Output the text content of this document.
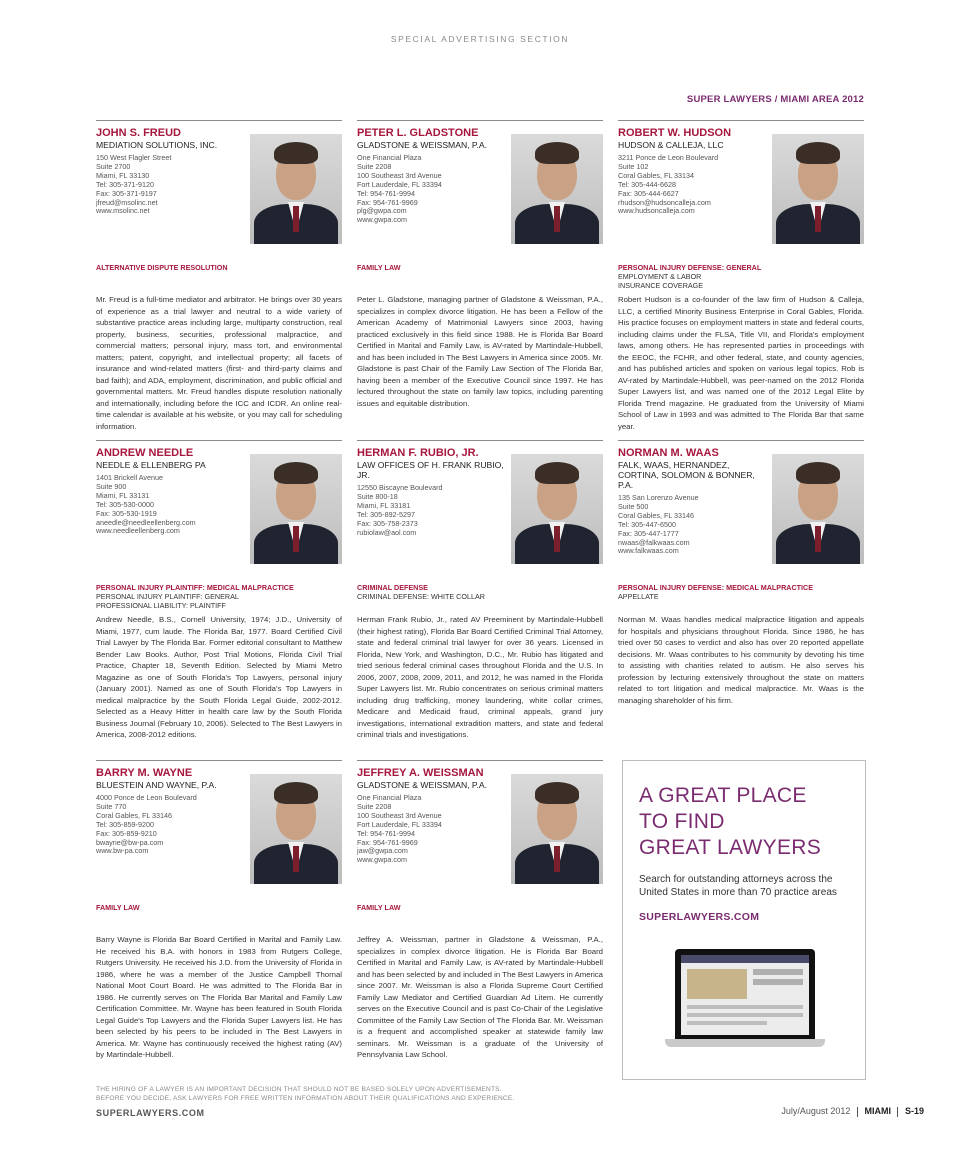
SPECIAL ADVERTISING SECTION
SUPER LAWYERS / MIAMI AREA 2012
JOHN S. FREUD
MEDIATION SOLUTIONS, INC.
150 West Flagler Street
Suite 2700
Miami, FL 33130
Tel: 305-371-9120
Fax: 305-371-9197
jfreud@msolinc.net
www.msolinc.net
ALTERNATIVE DISPUTE RESOLUTION
Mr. Freud is a full-time mediator and arbitrator. He brings over 30 years of experience as a trial lawyer and neutral to a wide variety of substantive practice areas including large, multiparty construction, real property, business, securities, professional malpractice, and commercial matters; personal injury, mass tort, and environmental matters; patent, copyright, and intellectual property; all facets of insurance and wind-related matters (first- and third-party claims and bad faith); and ADA, employment, discrimination, and public official and governmental matters. Mr. Freud handles dispute resolution nationally and internationally, including before the ICC and ICDR. An online real-time calendar is available at his website, or you may call for scheduling information.
PETER L. GLADSTONE
GLADSTONE & WEISSMAN, P.A.
One Financial Plaza
Suite 2208
100 Southeast 3rd Avenue
Fort Lauderdale, FL 33394
Tel: 954-761-9994
Fax: 954-761-9969
plg@gwpa.com
www.gwpa.com
FAMILY LAW
Peter L. Gladstone, managing partner of Gladstone & Weissman, P.A., specializes in complex divorce litigation. He has been a Fellow of the American Academy of Matrimonial Lawyers since 2003, having practiced exclusively in this field since 1988. He is Florida Bar Board Certified in Marital and Family Law, is AV-rated by Martindale-Hubbell, and has been included in The Best Lawyers in America since 2005. Mr. Gladstone is past Chair of the Family Law Section of The Florida Bar, having been a member of the Executive Council since 1997. He has lectured throughout the state on family law topics, including parenting issues and equitable distribution.
ROBERT W. HUDSON
HUDSON & CALLEJA, LLC
3211 Ponce de Leon Boulevard
Suite 102
Coral Gables, FL 33134
Tel: 305-444-6628
Fax: 305-444-6627
rhudson@hudsoncalleja.com
www.hudsoncalleja.com
PERSONAL INJURY DEFENSE: GENERAL
EMPLOYMENT & LABOR
INSURANCE COVERAGE
Robert Hudson is a co-founder of the law firm of Hudson & Calleja, LLC, a certified Minority Business Enterprise in Coral Gables, Florida. His practice focuses on employment matters in state and federal courts, including claims under the FLSA, Title VII, and Florida's employment laws, among others. He has represented parties in proceedings with the EEOC, the FCHR, and other federal, state, and county agencies, and has published articles and spoken on various legal topics. Rob is AV-rated by Martindale-Hubbell, was peer-named on the 2012 Florida Super Lawyers list, and was named one of the 2012 Legal Elite by Florida Trend magazine. He graduated from the University of Miami School of Law in 1993 and was admitted to The Florida Bar that same year.
ANDREW NEEDLE
NEEDLE & ELLENBERG PA
1401 Brickell Avenue
Suite 900
Miami, FL 33131
Tel: 305-530-0000
Fax: 305-530-1919
aneedle@needleellenberg.com
www.needleellenberg.com
PERSONAL INJURY PLAINTIFF: MEDICAL MALPRACTICE
PERSONAL INJURY PLAINTIFF: GENERAL
PROFESSIONAL LIABILITY: PLAINTIFF
Andrew Needle, B.S., Cornell University, 1974; J.D., University of Miami, 1977, cum laude. The Florida Bar, 1977. Board Certified Civil Trial Lawyer by The Florida Bar. Former editorial consultant to Matthew Bender Law Books. Author, Post Trial Motions, Florida Civil Trial Practice, Chapter 18, Seventh Edition. Selected by Miami Metro Magazine as one of South Florida's Top Lawyers, personal injury (January 2001). Named as one of South Florida's Top Lawyers in medical malpractice by the South Florida Legal Guide, 2002-2012. Selected as a Heavy Hitter in health care law by the South Florida Business Journal (February 10, 2006). Selected to The Best Lawyers in America, 2008-2012 editions.
HERMAN F. RUBIO, JR.
LAW OFFICES OF H. FRANK RUBIO, JR.
12550 Biscayne Boulevard
Suite 800-18
Miami, FL 33181
Tel: 305-892-5297
Fax: 305-758-2373
rubiolaw@aol.com
CRIMINAL DEFENSE
CRIMINAL DEFENSE: WHITE COLLAR
Herman Frank Rubio, Jr., rated AV Preeminent by Martindale-Hubbell (their highest rating), Florida Bar Board Certified Criminal Trial Attorney, state and federal criminal trial lawyer for over 36 years. Licensed in Florida, New York, and Washington, D.C., Mr. Rubio has litigated and tried serious federal criminal cases throughout Florida and the U.S. In 2006, 2007, 2008, 2009, 2011, and 2012, he was named in the Florida Super Lawyers list. Mr. Rubio concentrates on serious criminal matters including drug trafficking, money laundering, white collar crimes, Medicare and Medicaid fraud, criminal appeals, grand jury investigations, international extradition matters, and state and federal criminal trials and investigations.
NORMAN M. WAAS
FALK, WAAS, HERNANDEZ, CORTINA, SOLOMON & BONNER, P.A.
135 San Lorenzo Avenue
Suite 500
Coral Gables, FL 33146
Tel: 305-447-6500
Fax: 305-447-1777
nwaas@falkwaas.com
www.falkwaas.com
PERSONAL INJURY DEFENSE: MEDICAL MALPRACTICE
APPELLATE
Norman M. Waas handles medical malpractice litigation and appeals for hospitals and physicians throughout Florida. Since 1986, he has tried over 50 cases to verdict and also has over 20 reported appellate decisions. Mr. Waas contributes to his community by devoting his time to assisting with charities related to autism. He also serves his profession by lecturing extensively throughout the state on matters related to tort litigation and medical malpractice. Mr. Waas is the managing shareholder of his firm.
BARRY M. WAYNE
BLUESTEIN AND WAYNE, P.A.
4000 Ponce de Leon Boulevard
Suite 770
Coral Gables, FL 33146
Tel: 305-859-9200
Fax: 305-859-9210
bwayne@bw-pa.com
www.bw-pa.com
FAMILY LAW
Barry Wayne is Florida Bar Board Certified in Marital and Family Law. He received his B.A. with honors in 1983 from Rutgers College, Rutgers University. He received his J.D. from the University of Florida in 1986, where he was a member of the Justice Campbell Thornal National Moot Court Board. He was admitted to The Florida Bar in 1986. He currently serves on The Florida Bar Marital and Family Law Certification Committee. Mr. Wayne has been featured in South Florida Legal Guide's Top Lawyers and the Florida Super Lawyers list. He has been selected by his peers to be included in The Best Lawyers in America. Mr. Wayne has continuously received the highest rating (AV) by Martindale-Hubbell.
JEFFREY A. WEISSMAN
GLADSTONE & WEISSMAN, P.A.
One Financial Plaza
Suite 2208
100 Southeast 3rd Avenue
Fort Lauderdale, FL 33394
Tel: 954-761-9994
Fax: 954-761-9969
jaw@gwpa.com
www.gwpa.com
FAMILY LAW
Jeffrey A. Weissman, partner in Gladstone & Weissman, P.A., specializes in complex divorce litigation. He is Florida Bar Board Certified in Marital and Family Law, is AV-rated by Martindale-Hubbell and has been selected by and included in The Best Lawyers in America since 2007. Mr. Weissman is also a Florida Supreme Court Certified Family Law Mediator and Certified Guardian Ad Litem. He currently serves on the Executive Council and is past Co-Chair of the Legislative Committee of the Family Law Section of The Florida Bar. Mr. Weissman is a frequent and accomplished speaker at statewide family law seminars. Mr. Weissman is a graduate of the University of Pennsylvania Law School.
A GREAT PLACE
TO FIND
GREAT LAWYERS
Search for outstanding attorneys across the United States in more than 70 practice areas
SUPERLAWYERS.COM
THE HIRING OF A LAWYER IS AN IMPORTANT DECISION THAT SHOULD NOT BE BASED SOLELY UPON ADVERTISEMENTS.
BEFORE YOU DECIDE, ASK LAWYERS FOR FREE WRITTEN INFORMATION ABOUT THEIR QUALIFICATIONS AND EXPERIENCE.
SUPERLAWYERS.COM	July/August 2012 MIAMI S-19
